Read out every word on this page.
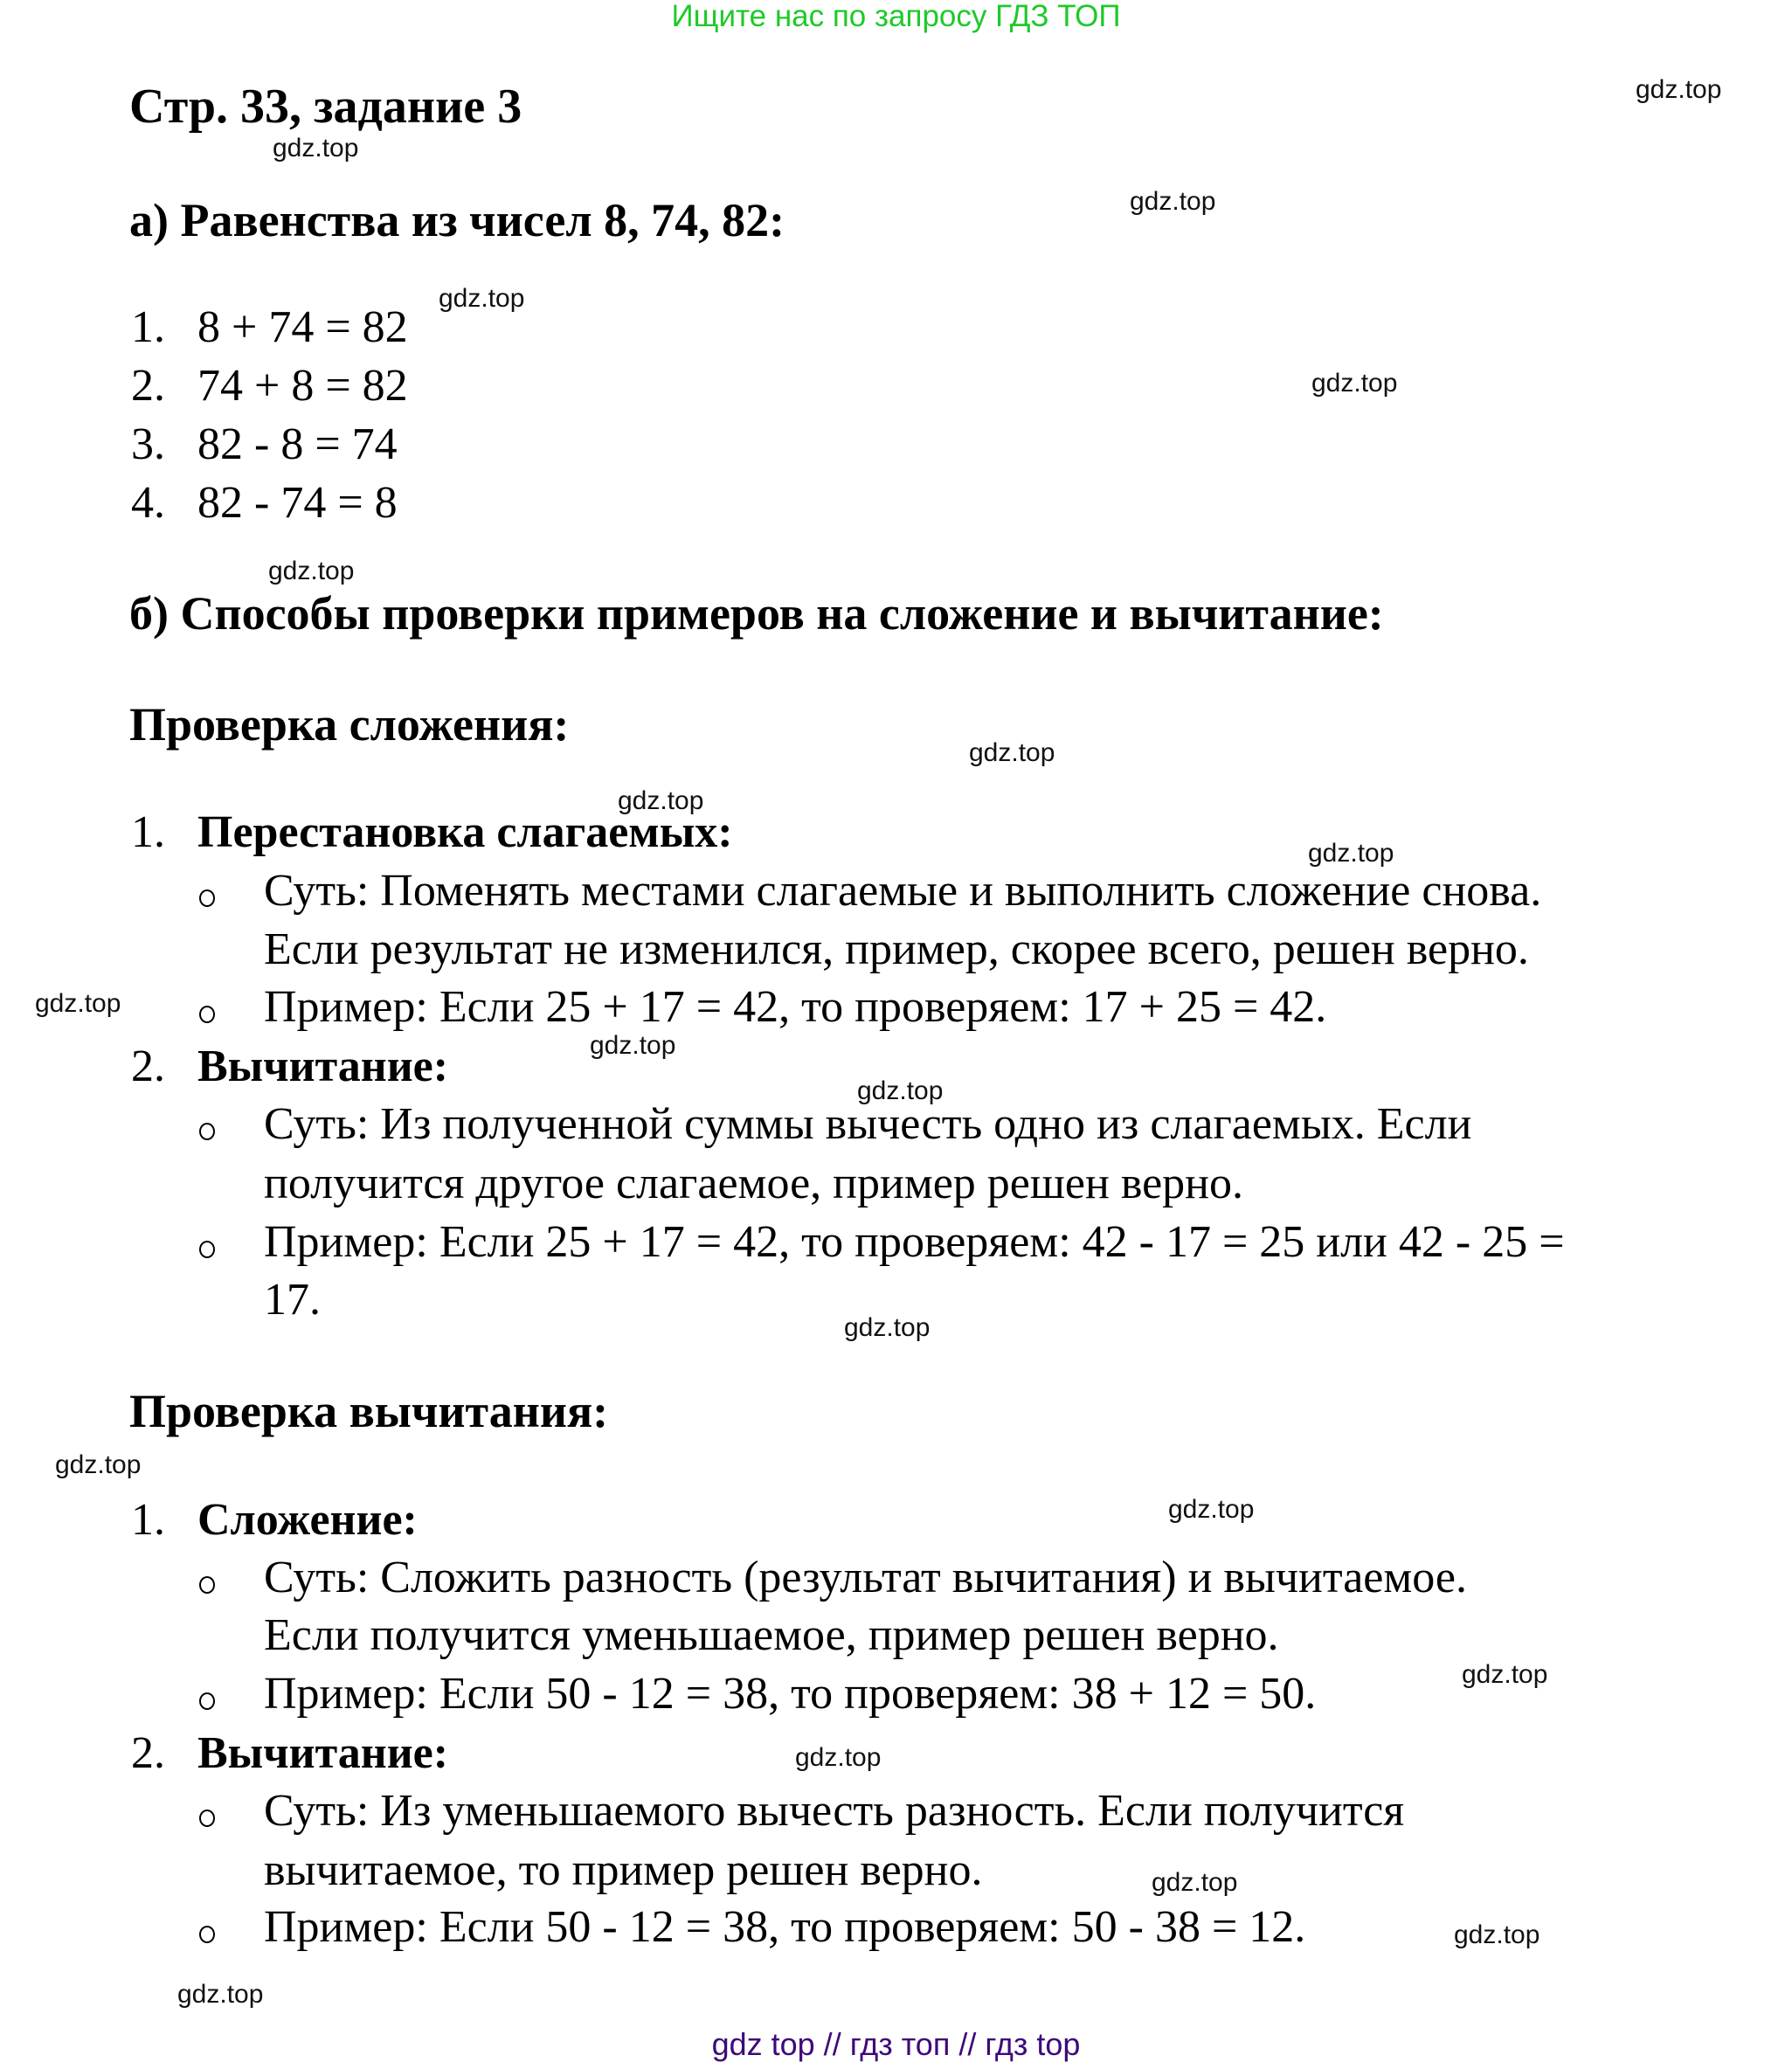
Ищите нас по запросу ГДЗ ТОП
Стр. 33, задание 3
а) Равенства из чисел 8, 74, 82:
1. 8 + 74 = 82
2. 74 + 8 = 82
3. 82 - 8 = 74
4. 82 - 74 = 8
б) Способы проверки примеров на сложение и вычитание:
Проверка сложения:
1. Перестановка слагаемых:
Суть: Поменять местами слагаемые и выполнить сложение снова.
Если результат не изменился, пример, скорее всего, решен верно.
Пример: Если 25 + 17 = 42, то проверяем: 17 + 25 = 42.
2. Вычитание:
Суть: Из полученной суммы вычесть одно из слагаемых. Если
получится другое слагаемое, пример решен верно.
Пример: Если 25 + 17 = 42, то проверяем: 42 - 17 = 25 или 42 - 25 =
17.
Проверка вычитания:
1. Сложение:
Суть: Сложить разность (результат вычитания) и вычитаемое.
Если получится уменьшаемое, пример решен верно.
Пример: Если 50 - 12 = 38, то проверяем: 38 + 12 = 50.
2. Вычитание:
Суть: Из уменьшаемого вычесть разность. Если получится
вычитаемое, то пример решен верно.
Пример: Если 50 - 12 = 38, то проверяем: 50 - 38 = 12.
gdz.top
gdz.top
gdz.top
gdz.top
gdz.top
gdz.top
gdz.top
gdz.top
gdz.top
gdz.top
gdz.top
gdz.top
gdz.top
gdz.top
gdz.top
gdz.top
gdz.top
gdz.top
gdz.top
gdz.top
gdz top // гдз топ // гдз top
